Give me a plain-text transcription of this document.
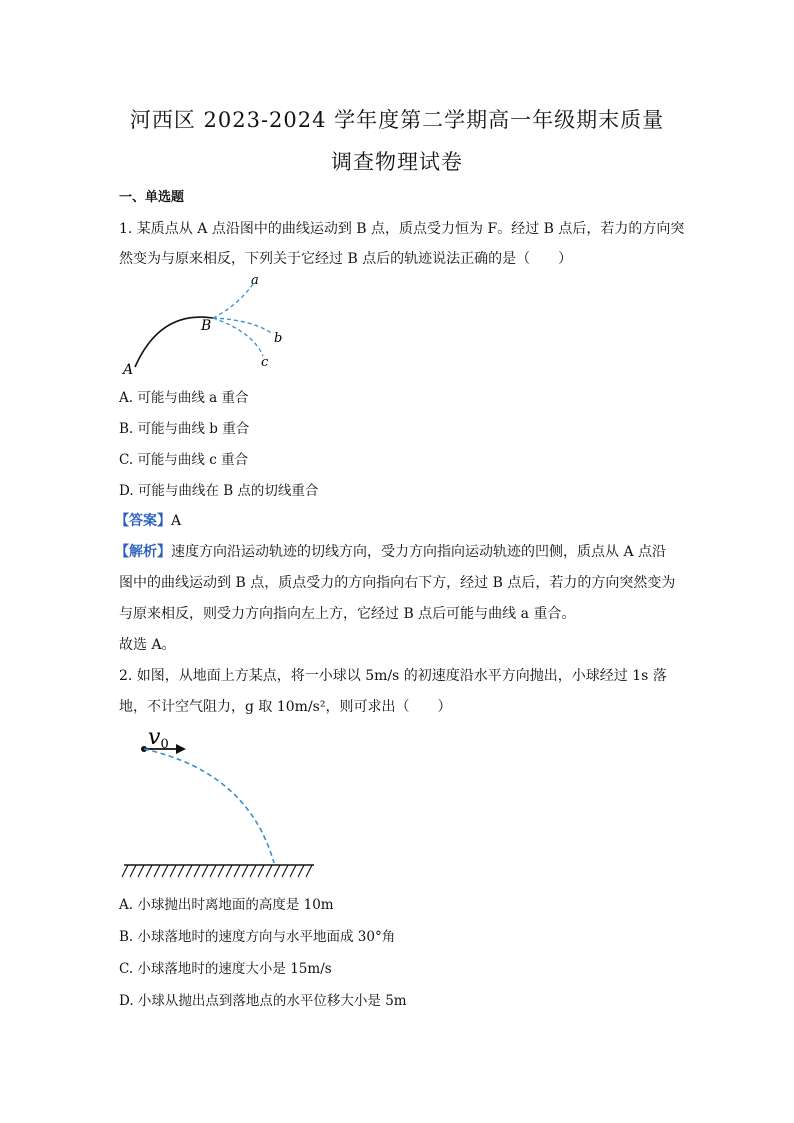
河西区 2023-2024 学年度第二学期高一年级期末质量
调查物理试卷
一、单选题
1. 某质点从 A 点沿图中的曲线运动到 B 点，质点受力恒为 F。经过 B 点后，若力的方向突
然变为与原来相反，下列关于它经过 B 点后的轨迹说法正确的是（　　）
a
b
c
A
B
A. 可能与曲线 a 重合
B. 可能与曲线 b 重合
C. 可能与曲线 c 重合
D. 可能与曲线在 B 点的切线重合
【答案】A
【解析】速度方向沿运动轨迹的切线方向，受力方向指向运动轨迹的凹侧，质点从 A 点沿
图中的曲线运动到 B 点，质点受力的方向指向右下方，经过 B 点后，若力的方向突然变为
与原来相反，则受力方向指向左上方，它经过 B 点后可能与曲线 a 重合。
故选 A。
2. 如图，从地面上方某点，将一小球以 5m/s 的初速度沿水平方向抛出，小球经过 1s 落
地，不计空气阻力，g 取 10m/s²，则可求出（　　）
v0
A. 小球抛出时离地面的高度是 10m
B. 小球落地时的速度方向与水平地面成 30°角
C. 小球落地时的速度大小是 15m/s
D. 小球从抛出点到落地点的水平位移大小是 5m
